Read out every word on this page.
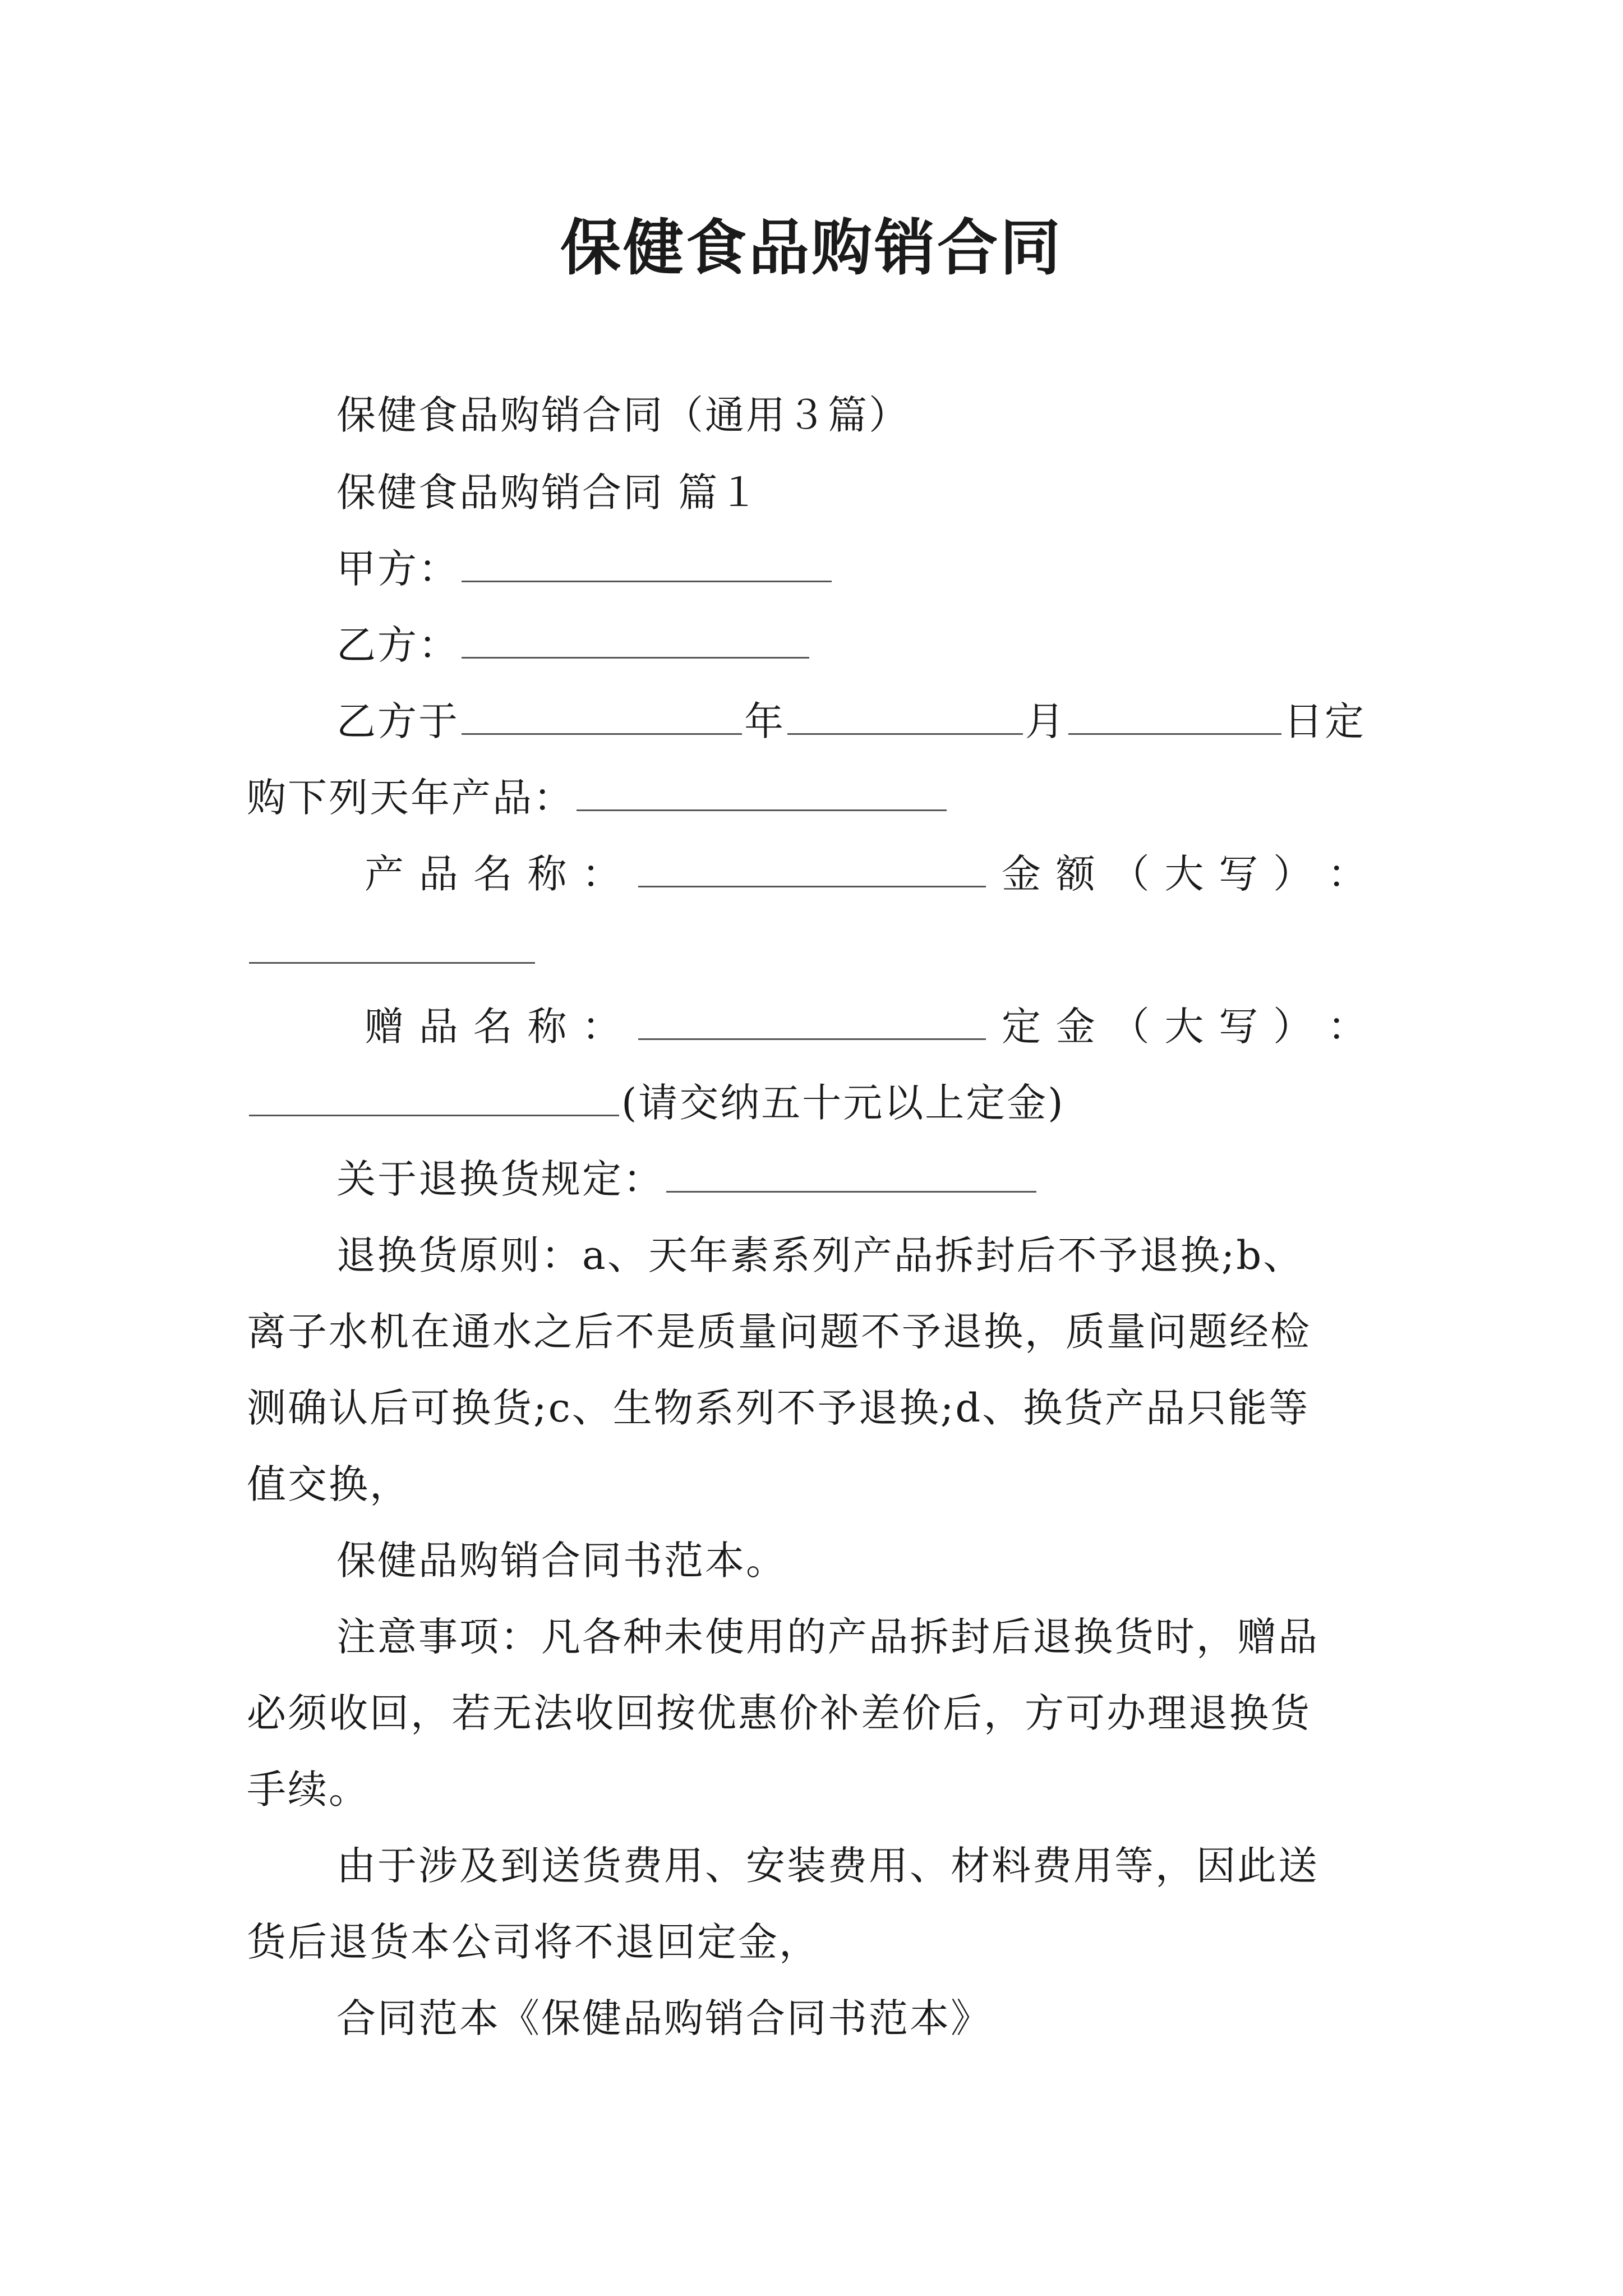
保健食品购销合同
保健食品购销合同（通用３篇）
保健食品购销合同 篇１
甲方：
乙方：
乙方于	年	月	日定
购下列天年产品：
产 品 名 称 ：	金 额 （ 大 写 ） ：
赠 品 名 称 ：	定 金 （ 大 写 ） ：
(请交纳五十元以上定金)
关于退换货规定：
退换货原则：a、天年素系列产品拆封后不予退换;b、
离子水机在通水之后不是质量问题不予退换，质量问题经检
测确认后可换货;c、生物系列不予退换;d、换货产品只能等
值交换，
保健品购销合同书范本。
注意事项：凡各种未使用的产品拆封后退换货时，赠品
必须收回，若无法收回按优惠价补差价后，方可办理退换货
手续。
由于涉及到送货费用、安装费用、材料费用等，因此送
货后退货本公司将不退回定金，
合同范本《保健品购销合同书范本》
